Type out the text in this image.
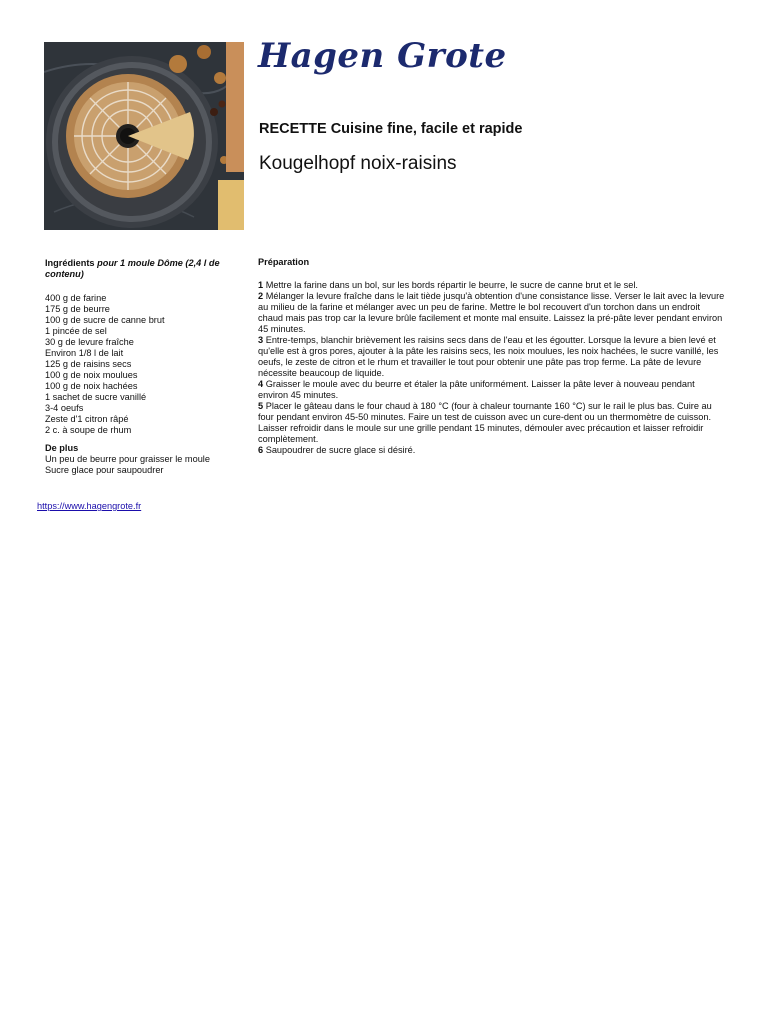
Hagen Grote
RECETTE Cuisine fine, facile et rapide
Kougelhopf noix-raisins
Ingrédients pour 1 moule Dôme (2,4 l de contenu)
400 g de farine
175 g de beurre
100 g de sucre de canne brut
1 pincée de sel
30 g de levure fraîche
Environ 1/8 l de lait
125 g de raisins secs
100 g de noix moulues
100 g de noix hachées
1 sachet de sucre vanillé
3-4 oeufs
Zeste d'1 citron râpé
2 c. à soupe de rhum
De plus
Un peu de beurre pour graisser le moule
Sucre glace pour saupoudrer
Préparation
1 Mettre la farine dans un bol, sur les bords répartir le beurre, le sucre de canne brut et le sel.
2 Mélanger la levure fraîche dans le lait tiède jusqu'à obtention d'une consistance lisse. Verser le lait avec la levure au milieu de la farine et mélanger avec un peu de farine. Mettre le bol recouvert d'un torchon dans un endroit chaud mais pas trop car la levure brûle facilement et monte mal ensuite. Laissez la pré-pâte lever pendant environ 45 minutes.
3 Entre-temps, blanchir brièvement les raisins secs dans de l'eau et les égoutter. Lorsque la levure a bien levé et qu'elle est à gros pores, ajouter à la pâte les raisins secs, les noix moulues, les noix hachées, le sucre vanillé, les oeufs, le zeste de citron et le rhum et travailler le tout pour obtenir une pâte pas trop ferme. La pâte de levure nécessite beaucoup de liquide.
4 Graisser le moule avec du beurre et étaler la pâte uniformément. Laisser la pâte lever à nouveau pendant environ 45 minutes.
5 Placer le gâteau dans le four chaud à 180 °C (four à chaleur tournante 160 °C) sur le rail le plus bas. Cuire au four pendant environ 45-50 minutes. Faire un test de cuisson avec un cure-dent ou un thermomètre de cuisson. Laisser refroidir dans le moule sur une grille pendant 15 minutes, démouler avec précaution et laisser refroidir complètement.
6 Saupoudrer de sucre glace si désiré.
https://www.hagengrote.fr
